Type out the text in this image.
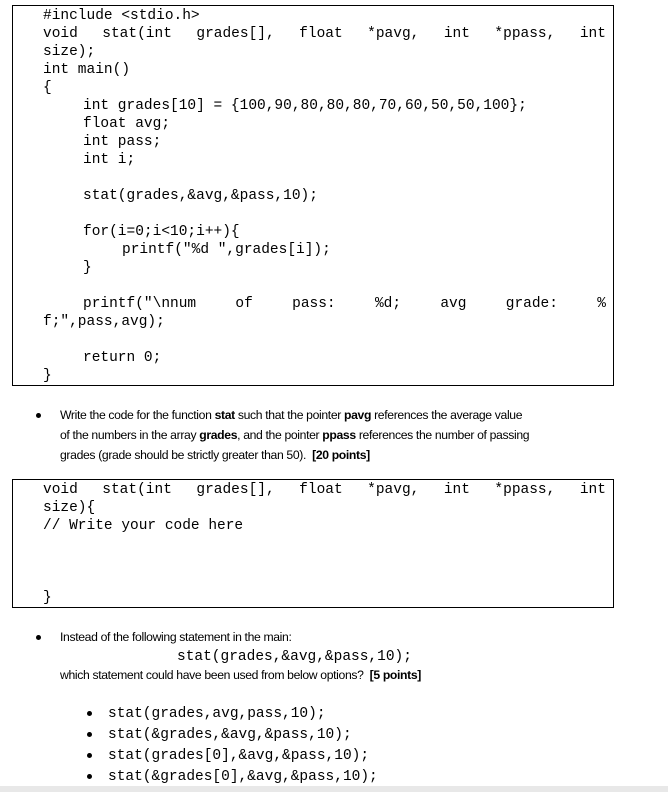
#include <stdio.h>
void stat(int grades[], float *pavg, int *ppass, int
size);
int main()
{
int grades[10] = {100,90,80,80,80,70,60,50,50,100};
float avg;
int pass;
int i;
stat(grades,&avg,&pass,10);
for(i=0;i<10;i++){
printf("%d ",grades[i]);
}
printf("\nnum	of	pass:	%d;	avg	grade:	%
f;",pass,avg);
return 0;
}
Write the code for the function stat such that the pointer pavg references the average value
of the numbers in the array grades, and the pointer ppass references the number of passing
grades (grade should be strictly greater than 50).  [20 points]
void stat(int grades[], float *pavg, int *ppass, int
size){
// Write your code here
}
Instead of the following statement in the main:
stat(grades,&avg,&pass,10);
which statement could have been used from below options?  [5 points]
stat(grades,avg,pass,10);
stat(&grades,&avg,&pass,10);
stat(grades[0],&avg,&pass,10);
stat(&grades[0],&avg,&pass,10);
